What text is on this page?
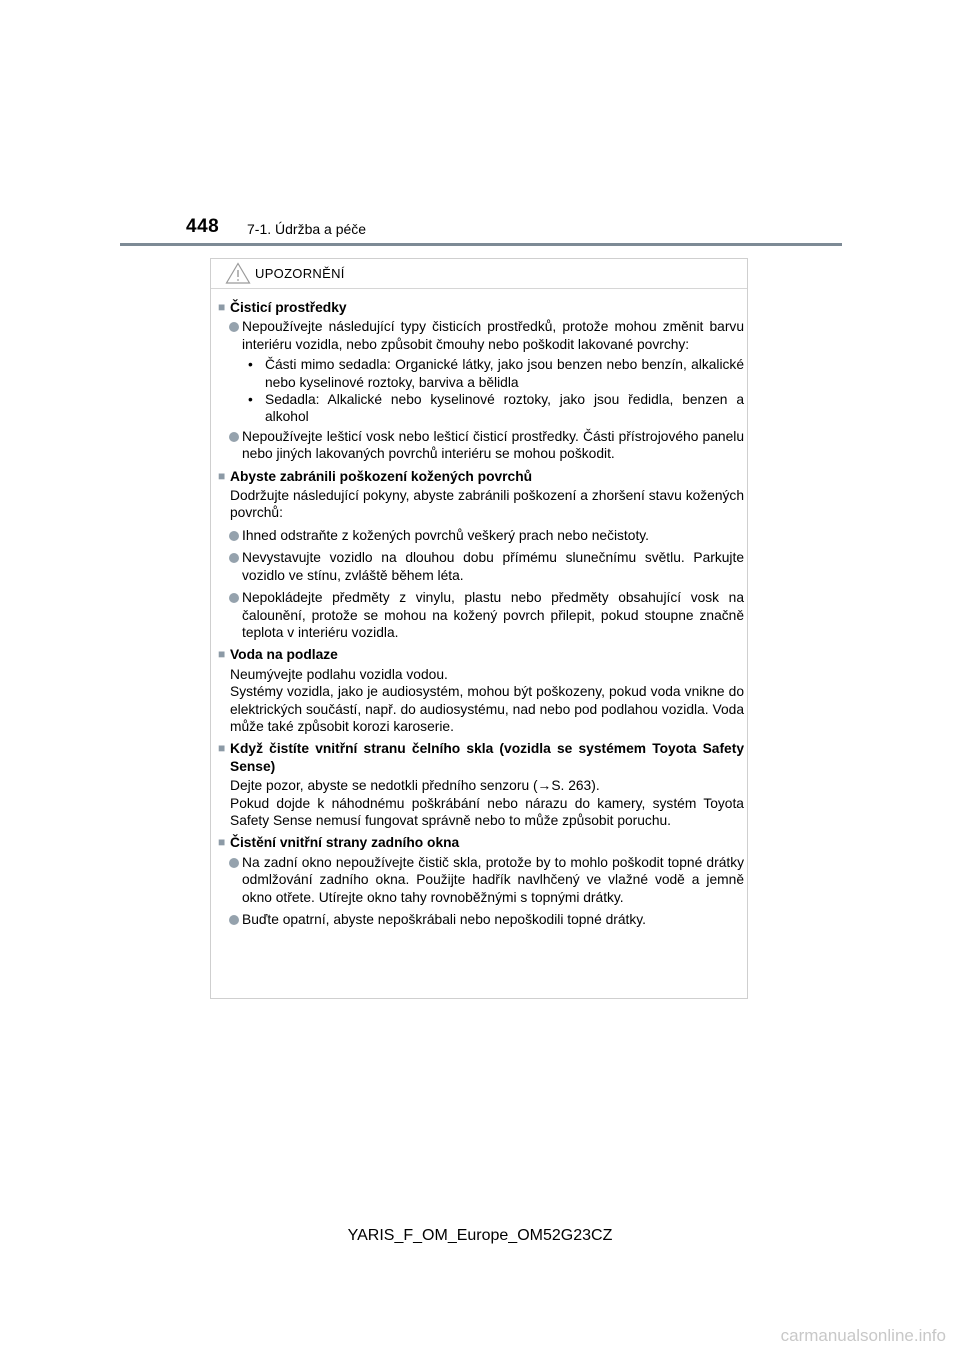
448 7-1. Údržba a péče
UPOZORNĚNÍ
■ Čisticí prostředky
Nepoužívejte následující typy čisticích prostředků, protože mohou změnit barvu interiéru vozidla, nebo způsobit čmouhy nebo poškodit lakované povrchy:
• Části mimo sedadla: Organické látky, jako jsou benzen nebo benzín, alkalické nebo kyselinové roztoky, barviva a bělidla
• Sedadla: Alkalické nebo kyselinové roztoky, jako jsou ředidla, benzen a alkohol
Nepoužívejte lešticí vosk nebo lešticí čisticí prostředky. Části přístrojového panelu nebo jiných lakovaných povrchů interiéru se mohou poškodit.
■ Abyste zabránili poškození kožených povrchů
Dodržujte následující pokyny, abyste zabránili poškození a zhoršení stavu kožených povrchů:
Ihned odstraňte z kožených povrchů veškerý prach nebo nečistoty.
Nevystavujte vozidlo na dlouhou dobu přímému slunečnímu světlu. Parkujte vozidlo ve stínu, zvláště během léta.
Nepokládejte předměty z vinylu, plastu nebo předměty obsahující vosk na čalounění, protože se mohou na kožený povrch přilepit, pokud stoupne značně teplota v interiéru vozidla.
■ Voda na podlaze
Neumývejte podlahu vozidla vodou.
Systémy vozidla, jako je audiosystém, mohou být poškozeny, pokud voda vnikne do elektrických součástí, např. do audiosystému, nad nebo pod podlahou vozidla. Voda může také způsobit korozi karoserie.
■ Když čistíte vnitřní stranu čelního skla (vozidla se systémem Toyota Safety Sense)
Dejte pozor, abyste se nedotkli předního senzoru (→S. 263).
Pokud dojde k náhodnému poškrábání nebo nárazu do kamery, systém Toyota Safety Sense nemusí fungovat správně nebo to může způsobit poruchu.
■ Čistění vnitřní strany zadního okna
Na zadní okno nepoužívejte čistič skla, protože by to mohlo poškodit topné drátky odmlžování zadního okna. Použijte hadřík navlhčený ve vlažné vodě a jemně okno otřete. Utírejte okno tahy rovnoběžnými s topnými drátky.
Buďte opatrní, abyste nepoškrábali nebo nepoškodili topné drátky.
YARIS_F_OM_Europe_OM52G23CZ
carmanualsonline.info
